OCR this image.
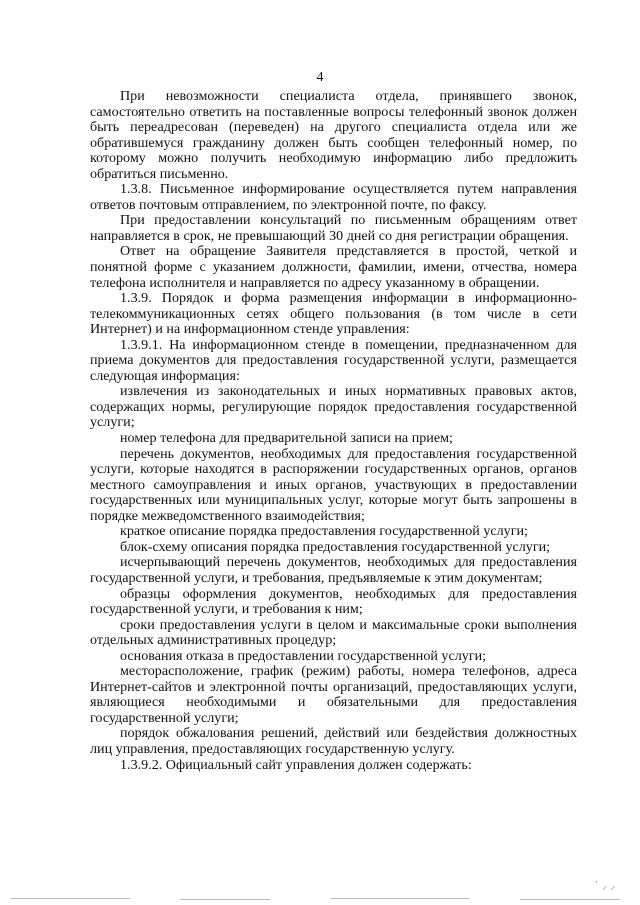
4

При невозможности специалиста отдела, принявшего звонок, самостоятельно ответить на поставленные вопросы телефонный звонок должен быть переадресован (переведен) на другого специалиста отдела или же обратившемуся гражданину должен быть сообщен телефонный номер, по которому можно получить необходимую информацию либо предложить обратиться письменно.

1.3.8. Письменное информирование осуществляется путем направления ответов почтовым отправлением, по электронной почте, по факсу.

При предоставлении консультаций по письменным обращениям ответ направляется в срок, не превышающий 30 дней со дня регистрации обращения.

Ответ на обращение Заявителя представляется в простой, четкой и понятной форме с указанием должности, фамилии, имени, отчества, номера телефона исполнителя и направляется по адресу указанному в обращении.

1.3.9. Порядок и форма размещения информации в информационно-телекоммуникационных сетях общего пользования (в том числе в сети Интернет) и на информационном стенде управления:

1.3.9.1. На информационном стенде в помещении, предназначенном для приема документов для предоставления государственной услуги, размещается следующая информация:

извлечения из законодательных и иных нормативных правовых актов, содержащих нормы, регулирующие порядок предоставления государственной услуги;

номер телефона для предварительной записи на прием;

перечень документов, необходимых для предоставления государственной услуги, которые находятся в распоряжении государственных органов, органов местного самоуправления и иных органов, участвующих в предоставлении государственных или муниципальных услуг, которые могут быть запрошены в порядке межведомственного взаимодействия;

краткое описание порядка предоставления государственной услуги;

блок-схему описания порядка предоставления государственной услуги;

исчерпывающий перечень документов, необходимых для предоставления государственной услуги, и требования, предъявляемые к этим документам;

образцы оформления документов, необходимых для предоставления государственной услуги, и требования к ним;

сроки предоставления услуги в целом и максимальные сроки выполнения отдельных административных процедур;

основания отказа в предоставлении государственной услуги;

месторасположение, график (режим) работы, номера телефонов, адреса Интернет-сайтов и электронной почты организаций, предоставляющих услуги, являющиеся необходимыми и обязательными для предоставления государственной услуги;

порядок обжалования решений, действий или бездействия должностных лиц управления, предоставляющих государственную услугу.

1.3.9.2. Официальный сайт управления должен содержать:

˙ ⸝ ⸝
